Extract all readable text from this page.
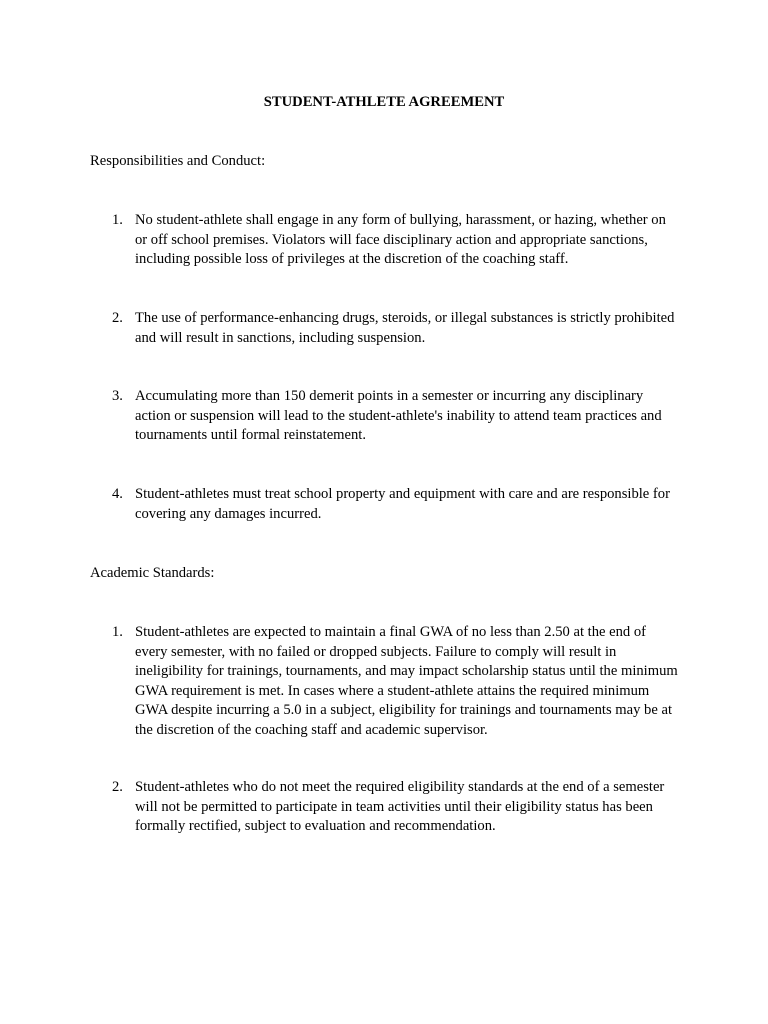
STUDENT-ATHLETE AGREEMENT
Responsibilities and Conduct:
1. No student-athlete shall engage in any form of bullying, harassment, or hazing, whether on or off school premises. Violators will face disciplinary action and appropriate sanctions, including possible loss of privileges at the discretion of the coaching staff.
2. The use of performance-enhancing drugs, steroids, or illegal substances is strictly prohibited and will result in sanctions, including suspension.
3. Accumulating more than 150 demerit points in a semester or incurring any disciplinary action or suspension will lead to the student-athlete's inability to attend team practices and tournaments until formal reinstatement.
4. Student-athletes must treat school property and equipment with care and are responsible for covering any damages incurred.
Academic Standards:
1. Student-athletes are expected to maintain a final GWA of no less than 2.50 at the end of every semester, with no failed or dropped subjects. Failure to comply will result in ineligibility for trainings, tournaments, and may impact scholarship status until the minimum GWA requirement is met. In cases where a student-athlete attains the required minimum GWA despite incurring a 5.0 in a subject, eligibility for trainings and tournaments may be at the discretion of the coaching staff and academic supervisor.
2. Student-athletes who do not meet the required eligibility standards at the end of a semester will not be permitted to participate in team activities until their eligibility status has been formally rectified, subject to evaluation and recommendation.
